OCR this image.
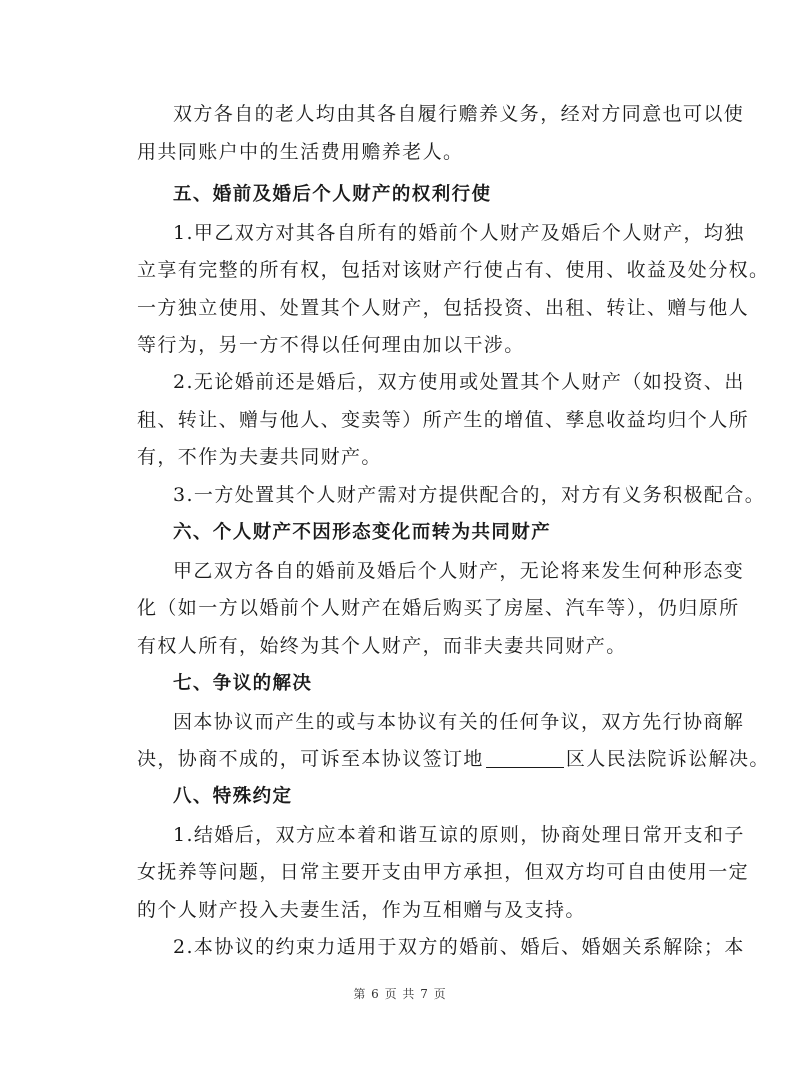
双方各自的老人均由其各自履行赡养义务，经对方同意也可以使
用共同账户中的生活费用赡养老人。
五、婚前及婚后个人财产的权利行使
1.甲乙双方对其各自所有的婚前个人财产及婚后个人财产，均独
立享有完整的所有权，包括对该财产行使占有、使用、收益及处分权。
一方独立使用、处置其个人财产，包括投资、出租、转让、赠与他人
等行为，另一方不得以任何理由加以干涉。
2.无论婚前还是婚后，双方使用或处置其个人财产（如投资、出
租、转让、赠与他人、变卖等）所产生的增值、孳息收益均归个人所
有，不作为夫妻共同财产。
3.一方处置其个人财产需对方提供配合的，对方有义务积极配合。
六、个人财产不因形态变化而转为共同财产
甲乙双方各自的婚前及婚后个人财产，无论将来发生何种形态变
化（如一方以婚前个人财产在婚后购买了房屋、汽车等），仍归原所
有权人所有，始终为其个人财产，而非夫妻共同财产。
七、争议的解决
因本协议而产生的或与本协议有关的任何争议，双方先行协商解
决，协商不成的，可诉至本协议签订地	区人民法院诉讼解决。
八、特殊约定
1.结婚后，双方应本着和谐互谅的原则，协商处理日常开支和子
女抚养等问题，日常主要开支由甲方承担，但双方均可自由使用一定
的个人财产投入夫妻生活，作为互相赠与及支持。
2.本协议的约束力适用于双方的婚前、婚后、婚姻关系解除；本
第 6 页 共 7 页
